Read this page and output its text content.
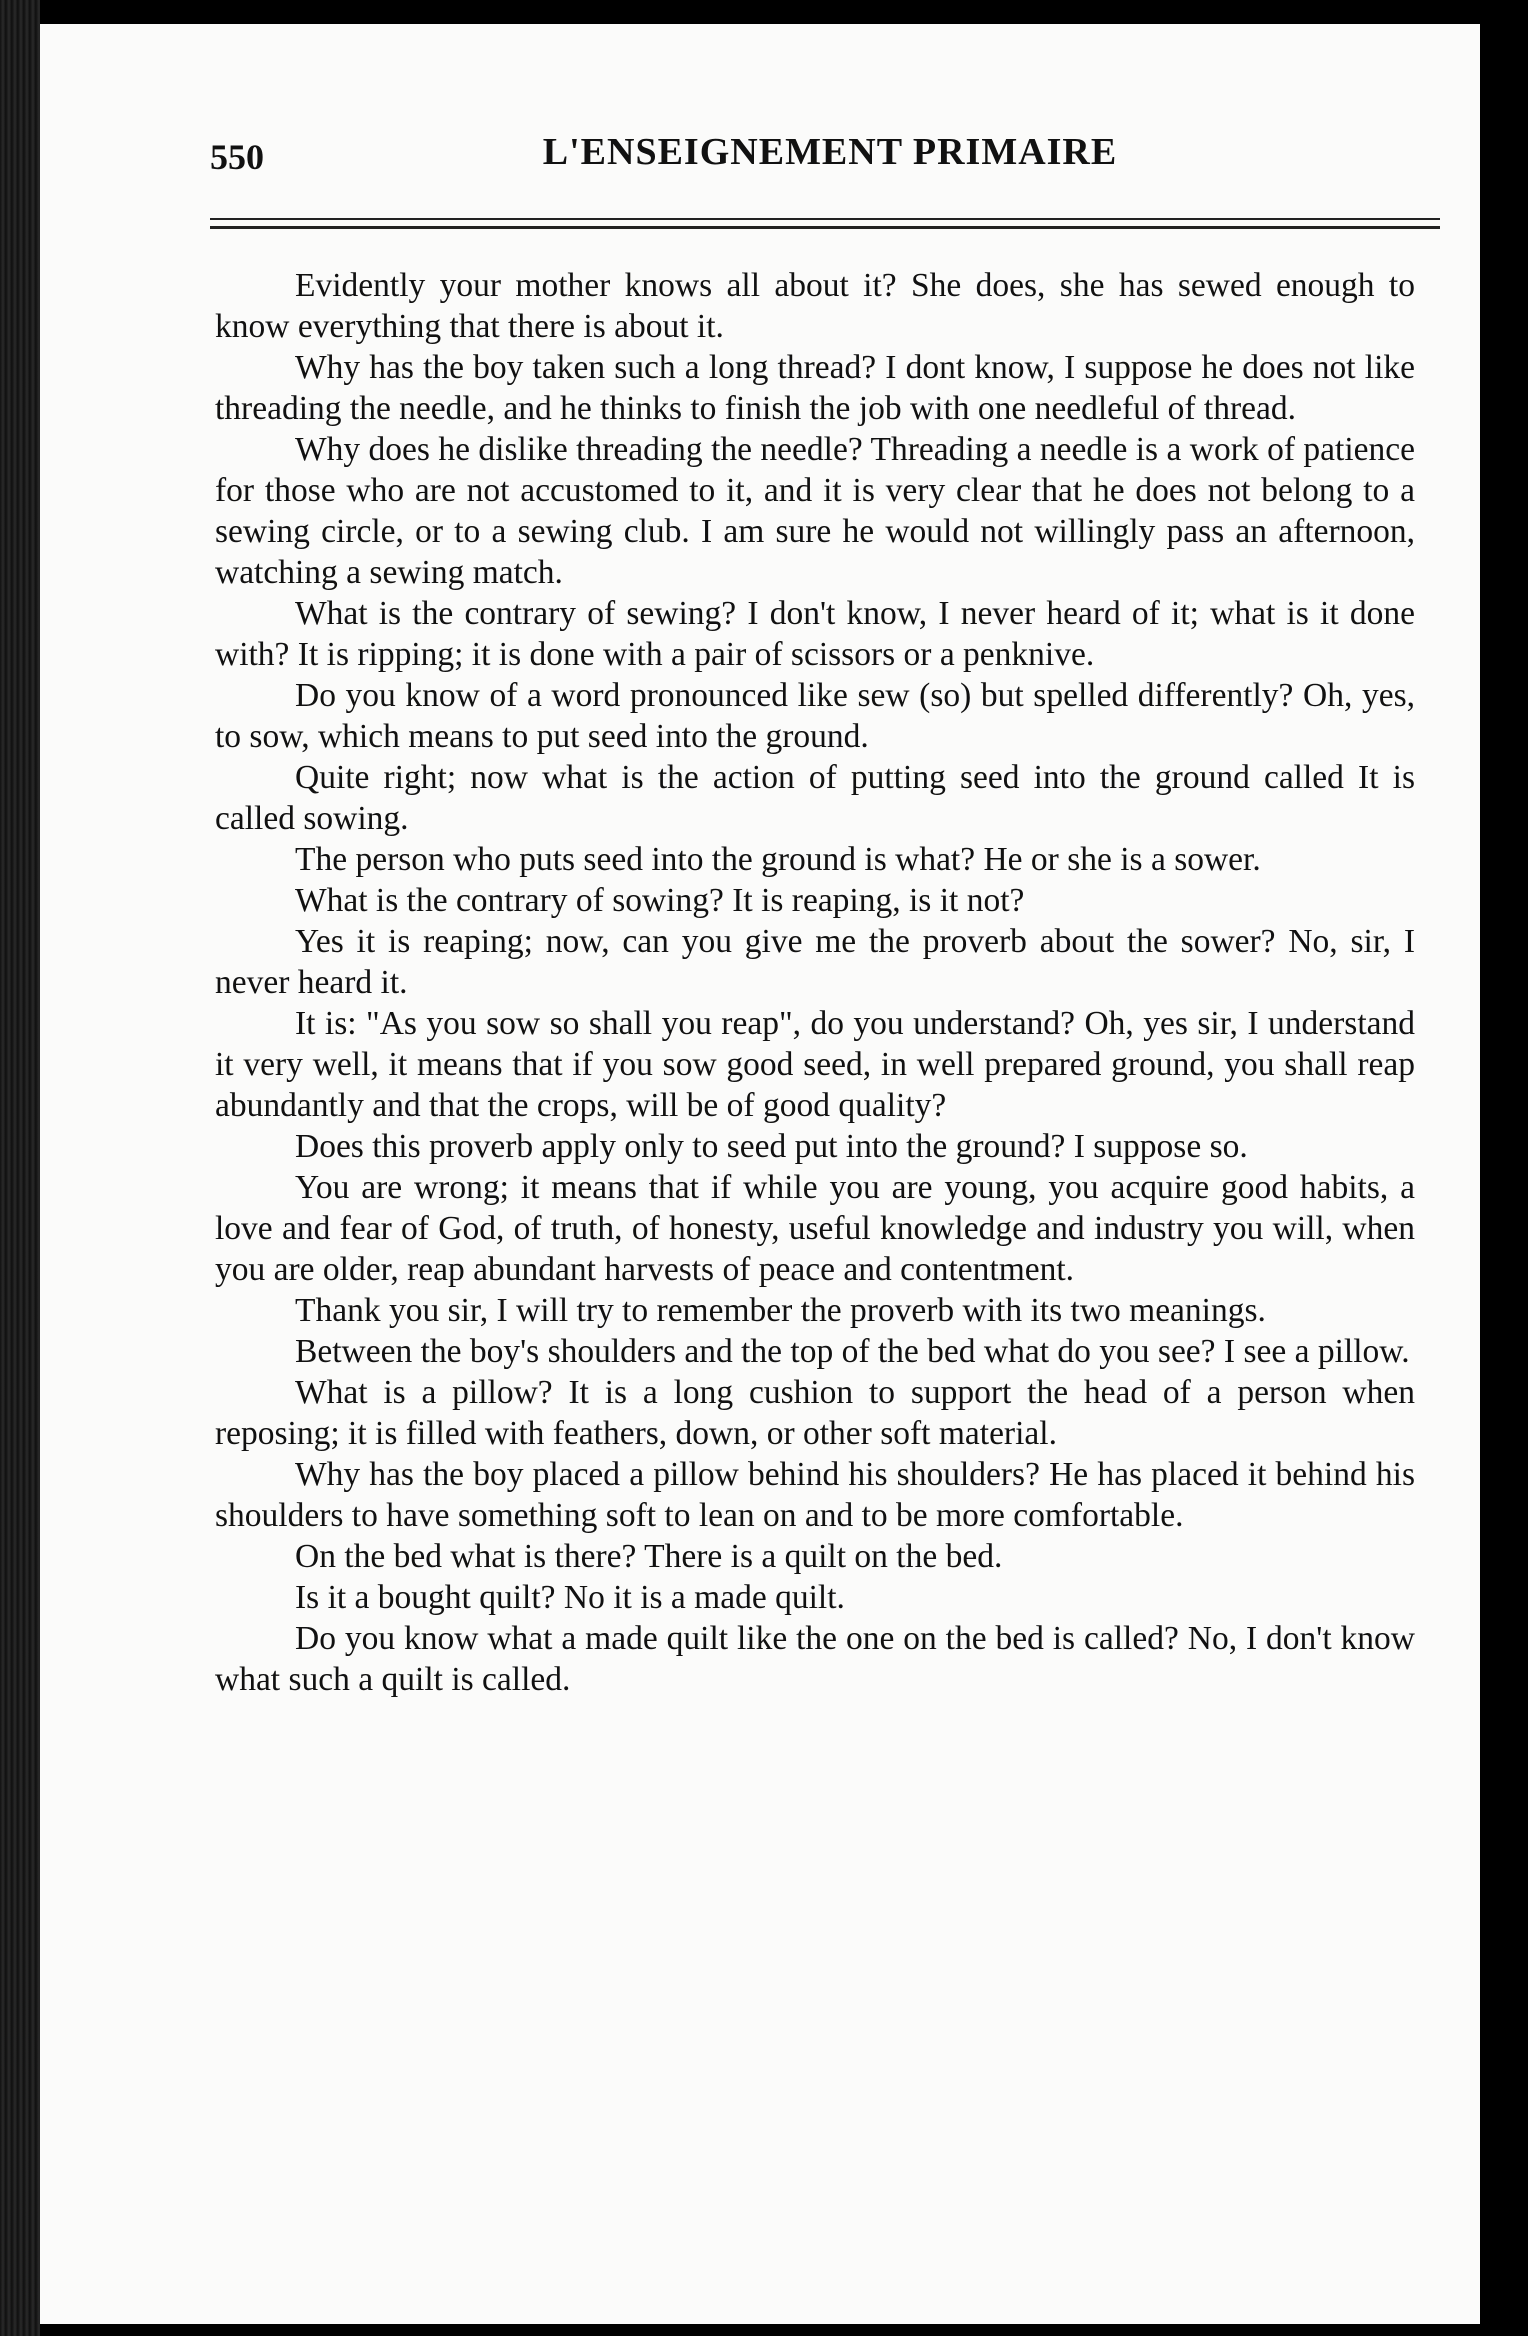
550	L'ENSEIGNEMENT PRIMAIRE

Evidently your mother knows all about it? She does, she has sewed enough to know everything that there is about it.

Why has the boy taken such a long thread? I dont know, I suppose he does not like threading the needle, and he thinks to finish the job with one needleful of thread.

Why does he dislike threading the needle? Threading a needle is a work of patience for those who are not accustomed to it, and it is very clear that he does not belong to a sewing circle, or to a sewing club. I am sure he would not willingly pass an afternoon, watching a sewing match.

What is the contrary of sewing? I don't know, I never heard of it; what is it done with? It is ripping; it is done with a pair of scissors or a penknive.

Do you know of a word pronounced like sew (so) but spelled differently? Oh, yes, to sow, which means to put seed into the ground.

Quite right; now what is the action of putting seed into the ground called It is called sowing.

The person who puts seed into the ground is what? He or she is a sower.

What is the contrary of sowing? It is reaping, is it not?

Yes it is reaping; now, can you give me the proverb about the sower? No, sir, I never heard it.

It is: "As you sow so shall you reap", do you understand? Oh, yes sir, I understand it very well, it means that if you sow good seed, in well prepared ground, you shall reap abundantly and that the crops, will be of good quality?

Does this proverb apply only to seed put into the ground? I suppose so.

You are wrong; it means that if while you are young, you acquire good habits, a love and fear of God, of truth, of honesty, useful knowledge and industry you will, when you are older, reap abundant harvests of peace and contentment.

Thank you sir, I will try to remember the proverb with its two meanings.

Between the boy's shoulders and the top of the bed what do you see? I see a pillow.

What is a pillow? It is a long cushion to support the head of a person when reposing; it is filled with feathers, down, or other soft material.

Why has the boy placed a pillow behind his shoulders? He has placed it behind his shoulders to have something soft to lean on and to be more comfortable.

On the bed what is there? There is a quilt on the bed.

Is it a bought quilt? No it is a made quilt.

Do you know what a made quilt like the one on the bed is called? No, I don't know what such a quilt is called.
